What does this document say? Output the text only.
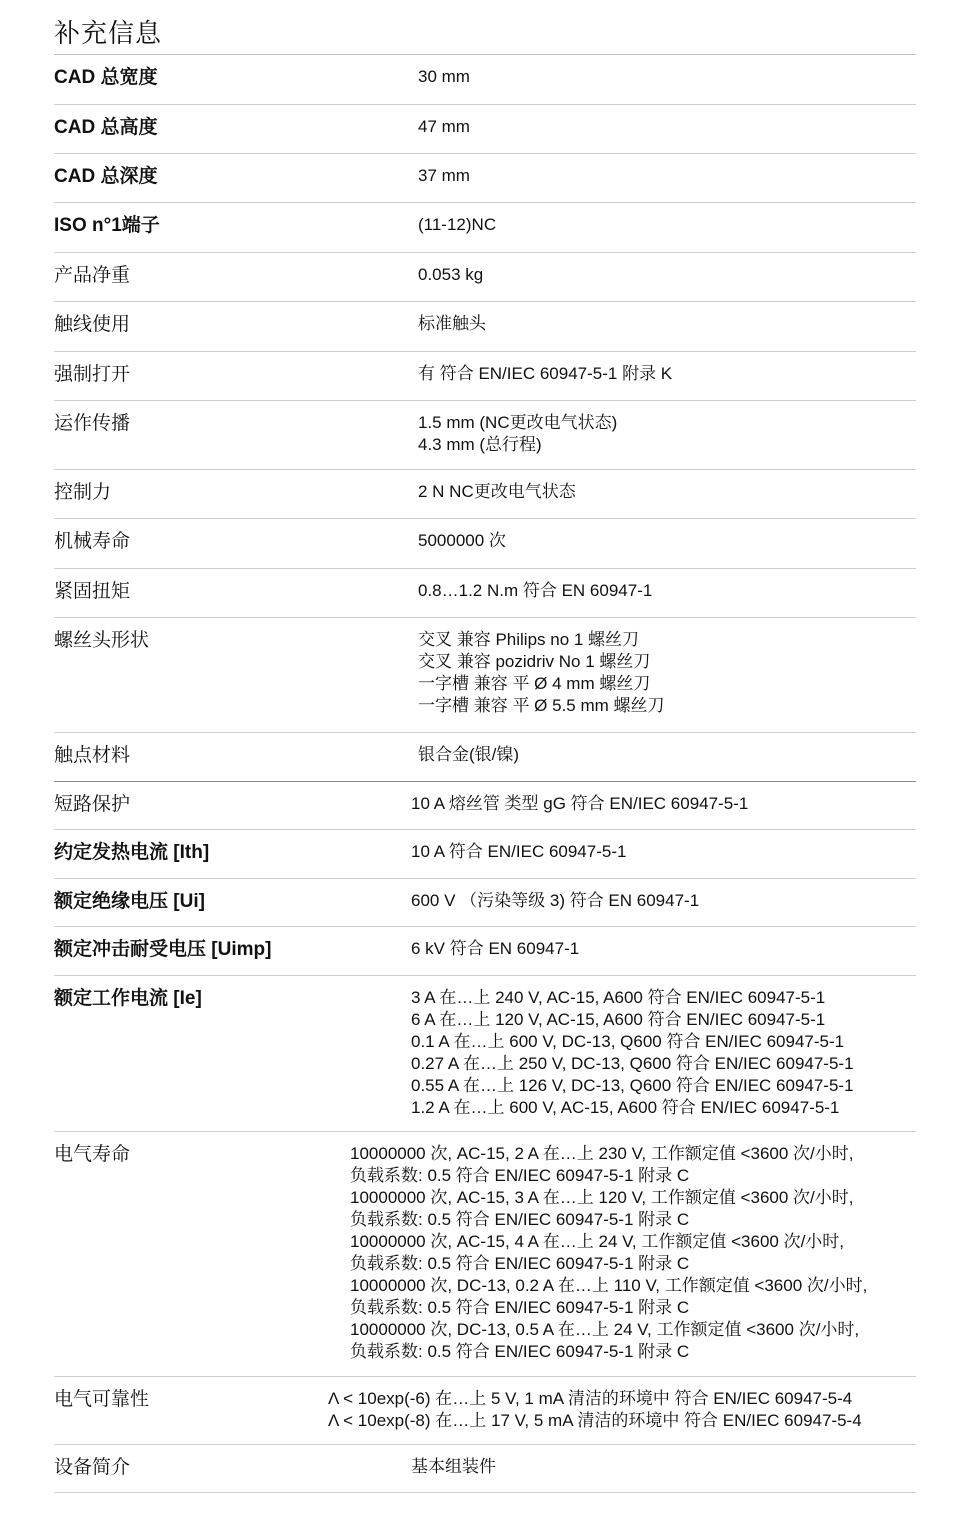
补充信息
CAD 总宽度	30 mm
CAD 总高度	47 mm
CAD 总深度	37 mm
ISO n°1端子	(11-12)NC
产品净重	0.053 kg
触线使用	标准触头
强制打开	有 符合 EN/IEC 60947-5-1 附录 K
运作传播	1.5 mm (NC更改电气状态)
4.3 mm (总行程)
控制力	2 N NC更改电气状态
机械寿命	5000000 次
紧固扭矩	0.8…1.2 N.m 符合 EN 60947-1
螺丝头形状	交叉 兼容 Philips no 1 螺丝刀
交叉 兼容 pozidriv No 1 螺丝刀
一字槽 兼容 平 Ø 4 mm 螺丝刀
一字槽 兼容 平 Ø 5.5 mm 螺丝刀
触点材料	银合金(银/镍)
短路保护	10 A 熔丝管 类型 gG 符合 EN/IEC 60947-5-1
约定发热电流 [Ith]	10 A 符合 EN/IEC 60947-5-1
额定绝缘电压 [Ui]	600 V （污染等级 3) 符合 EN 60947-1
额定冲击耐受电压 [Uimp]	6 kV 符合 EN 60947-1
额定工作电流 [Ie]	3 A 在…上 240 V, AC-15, A600 符合 EN/IEC 60947-5-1
6 A 在…上 120 V, AC-15, A600 符合 EN/IEC 60947-5-1
0.1 A 在…上 600 V, DC-13, Q600 符合 EN/IEC 60947-5-1
0.27 A 在…上 250 V, DC-13, Q600 符合 EN/IEC 60947-5-1
0.55 A 在…上 126 V, DC-13, Q600 符合 EN/IEC 60947-5-1
1.2 A 在…上 600 V, AC-15, A600 符合 EN/IEC 60947-5-1
电气寿命	10000000 次, AC-15, 2 A 在…上 230 V, 工作额定值 <3600 次/小时,
负载系数: 0.5 符合 EN/IEC 60947-5-1 附录 C
10000000 次, AC-15, 3 A 在…上 120 V, 工作额定值 <3600 次/小时,
负载系数: 0.5 符合 EN/IEC 60947-5-1 附录 C
10000000 次, AC-15, 4 A 在…上 24 V, 工作额定值 <3600 次/小时,
负载系数: 0.5 符合 EN/IEC 60947-5-1 附录 C
10000000 次, DC-13, 0.2 A 在…上 110 V, 工作额定值 <3600 次/小时,
负载系数: 0.5 符合 EN/IEC 60947-5-1 附录 C
10000000 次, DC-13, 0.5 A 在…上 24 V, 工作额定值 <3600 次/小时,
负载系数: 0.5 符合 EN/IEC 60947-5-1 附录 C
电气可靠性	Λ < 10exp(-6) 在…上 5 V, 1 mA 清洁的环境中 符合 EN/IEC 60947-5-4
Λ < 10exp(-8) 在…上 17 V, 5 mA 清洁的环境中 符合 EN/IEC 60947-5-4
设备简介	基本组装件
